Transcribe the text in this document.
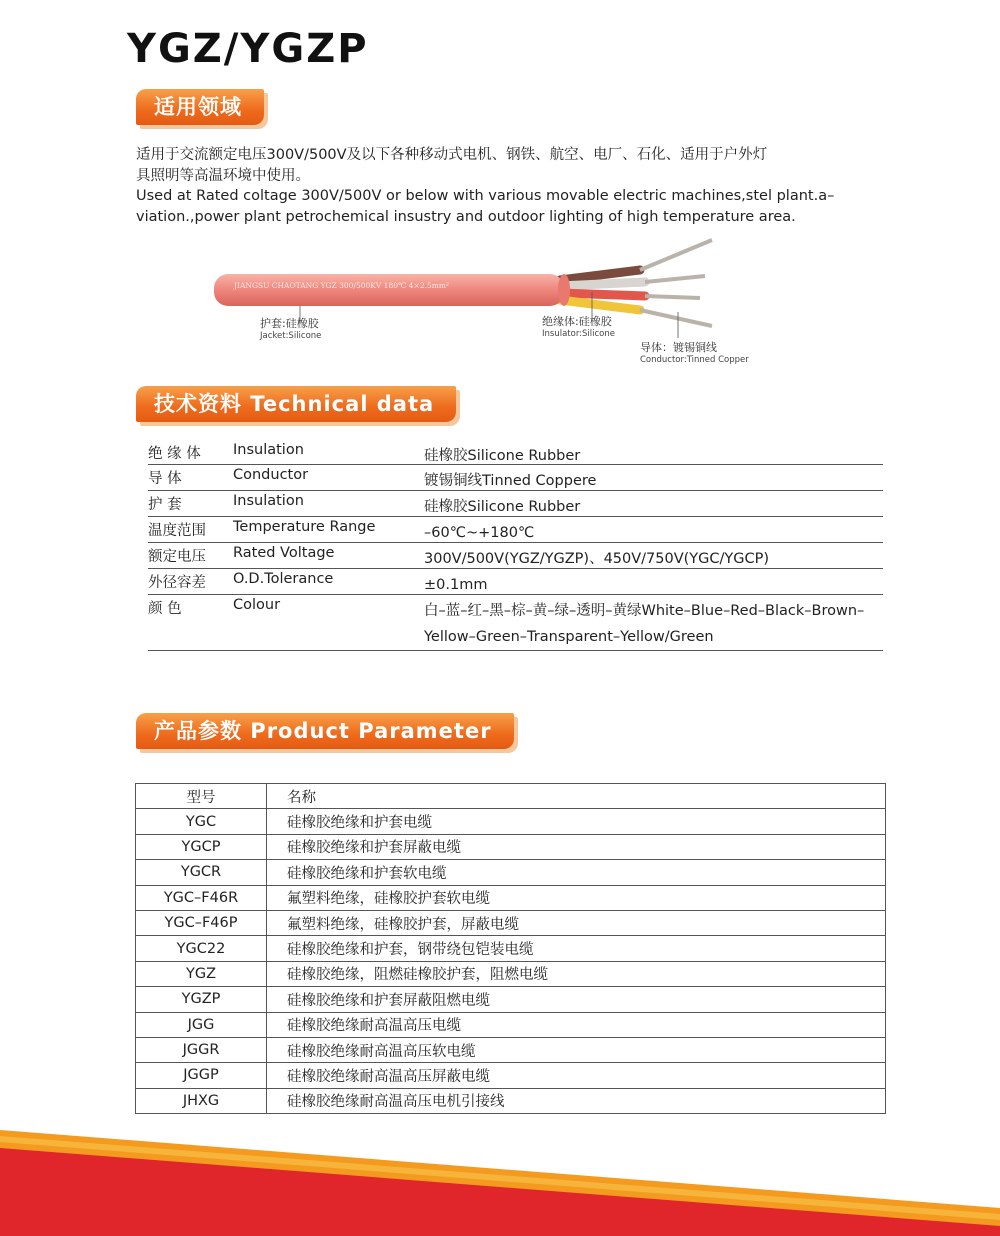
YGZ/YGZP
适用领域

适用于交流额定电压300V/500V及以下各种移动式电机、钢铁、航空、电厂、石化、适用于户外灯

具照明等高温环境中使用。

Used at Rated coltage 300V/500V or below with various movable electric machines,stel plant.a–

viation.,power plant petrochemical insustry and outdoor lighting of high temperature area.

JIANGSU CHAOTANG YGZ 300/500KV 180℃ 4×2.5mm²
护套:硅橡胶
Jacket:Silicone
绝缘体:硅橡胶
Insulator:Silicone
导体：镀锡铜线
Conductor:Tinned Copper
技术资料 Technical data
绝 缘 体	Insulation	硅橡胶Silicone Rubber
导 体	Conductor	镀锡铜线Tinned Coppere
护 套	Insulation	硅橡胶Silicone Rubber
温度范围	Temperature Range	–60℃~+180℃
额定电压	Rated Voltage	300V/500V(YGZ/YGZP)、450V/750V(YGC/YGCP)
外径容差	O.D.Tolerance	±0.1mm
颜 色	Colour	白–蓝–红–黑–棕–黄–绿–透明–黄绿White–Blue–Red–Black–Brown–Yellow–Green–Transparent–Yellow/Green
产品参数 Product Parameter
型号	名称
YGC	硅橡胶绝缘和护套电缆
YGCP	硅橡胶绝缘和护套屏蔽电缆
YGCR	硅橡胶绝缘和护套软电缆
YGC–F46R	氟塑料绝缘，硅橡胶护套软电缆
YGC–F46P	氟塑料绝缘，硅橡胶护套，屏蔽电缆
YGC22	硅橡胶绝缘和护套，钢带绕包铠装电缆
YGZ	硅橡胶绝缘，阻燃硅橡胶护套，阻燃电缆
YGZP	硅橡胶绝缘和护套屏蔽阻燃电缆
JGG	硅橡胶绝缘耐高温高压电缆
JGGR	硅橡胶绝缘耐高温高压软电缆
JGGP	硅橡胶绝缘耐高温高压屏蔽电缆
JHXG	硅橡胶绝缘耐高温高压电机引接线
